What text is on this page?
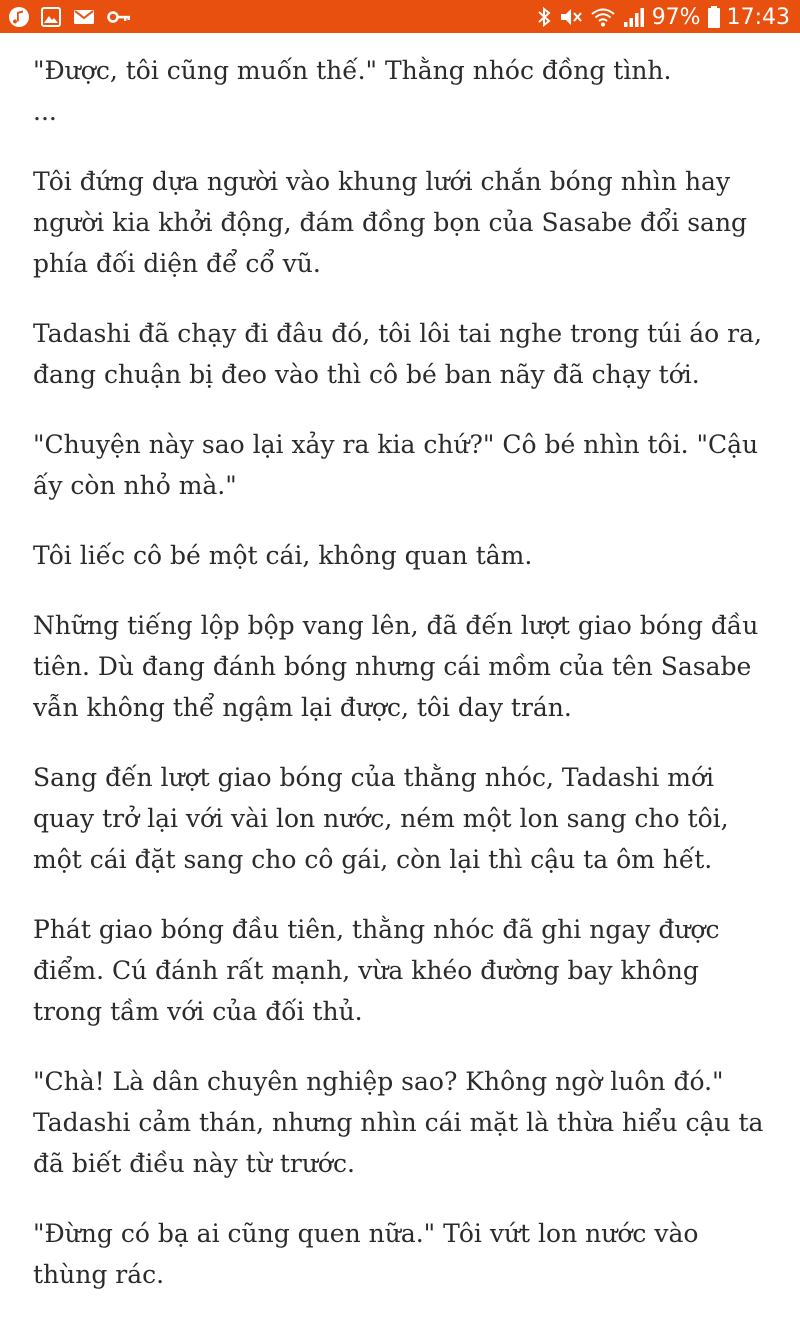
97% 17:43

"Được, tôi cũng muốn thế." Thằng nhóc đồng tình.

...

Tôi đứng dựa người vào khung lưới chắn bóng nhìn hay người kia khởi động, đám đồng bọn của Sasabe đổi sang phía đối diện để cổ vũ.

Tadashi đã chạy đi đâu đó, tôi lôi tai nghe trong túi áo ra, đang chuận bị đeo vào thì cô bé ban nãy đã chạy tới.

"Chuyện này sao lại xảy ra kia chứ?" Cô bé nhìn tôi. "Cậu ấy còn nhỏ mà."

Tôi liếc cô bé một cái, không quan tâm.

Những tiếng lộp bộp vang lên, đã đến lượt giao bóng đầu tiên. Dù đang đánh bóng nhưng cái mồm của tên Sasabe vẫn không thể ngậm lại được, tôi day trán.

Sang đến lượt giao bóng của thằng nhóc, Tadashi mới quay trở lại với vài lon nước, ném một lon sang cho tôi, một cái đặt sang cho cô gái, còn lại thì cậu ta ôm hết.

Phát giao bóng đầu tiên, thằng nhóc đã ghi ngay được điểm. Cú đánh rất mạnh, vừa khéo đường bay không trong tầm với của đối thủ.

"Chà! Là dân chuyên nghiệp sao? Không ngờ luôn đó." Tadashi cảm thán, nhưng nhìn cái mặt là thừa hiểu cậu ta đã biết điều này từ trước.

"Đừng có bạ ai cũng quen nữa." Tôi vứt lon nước vào thùng rác.
